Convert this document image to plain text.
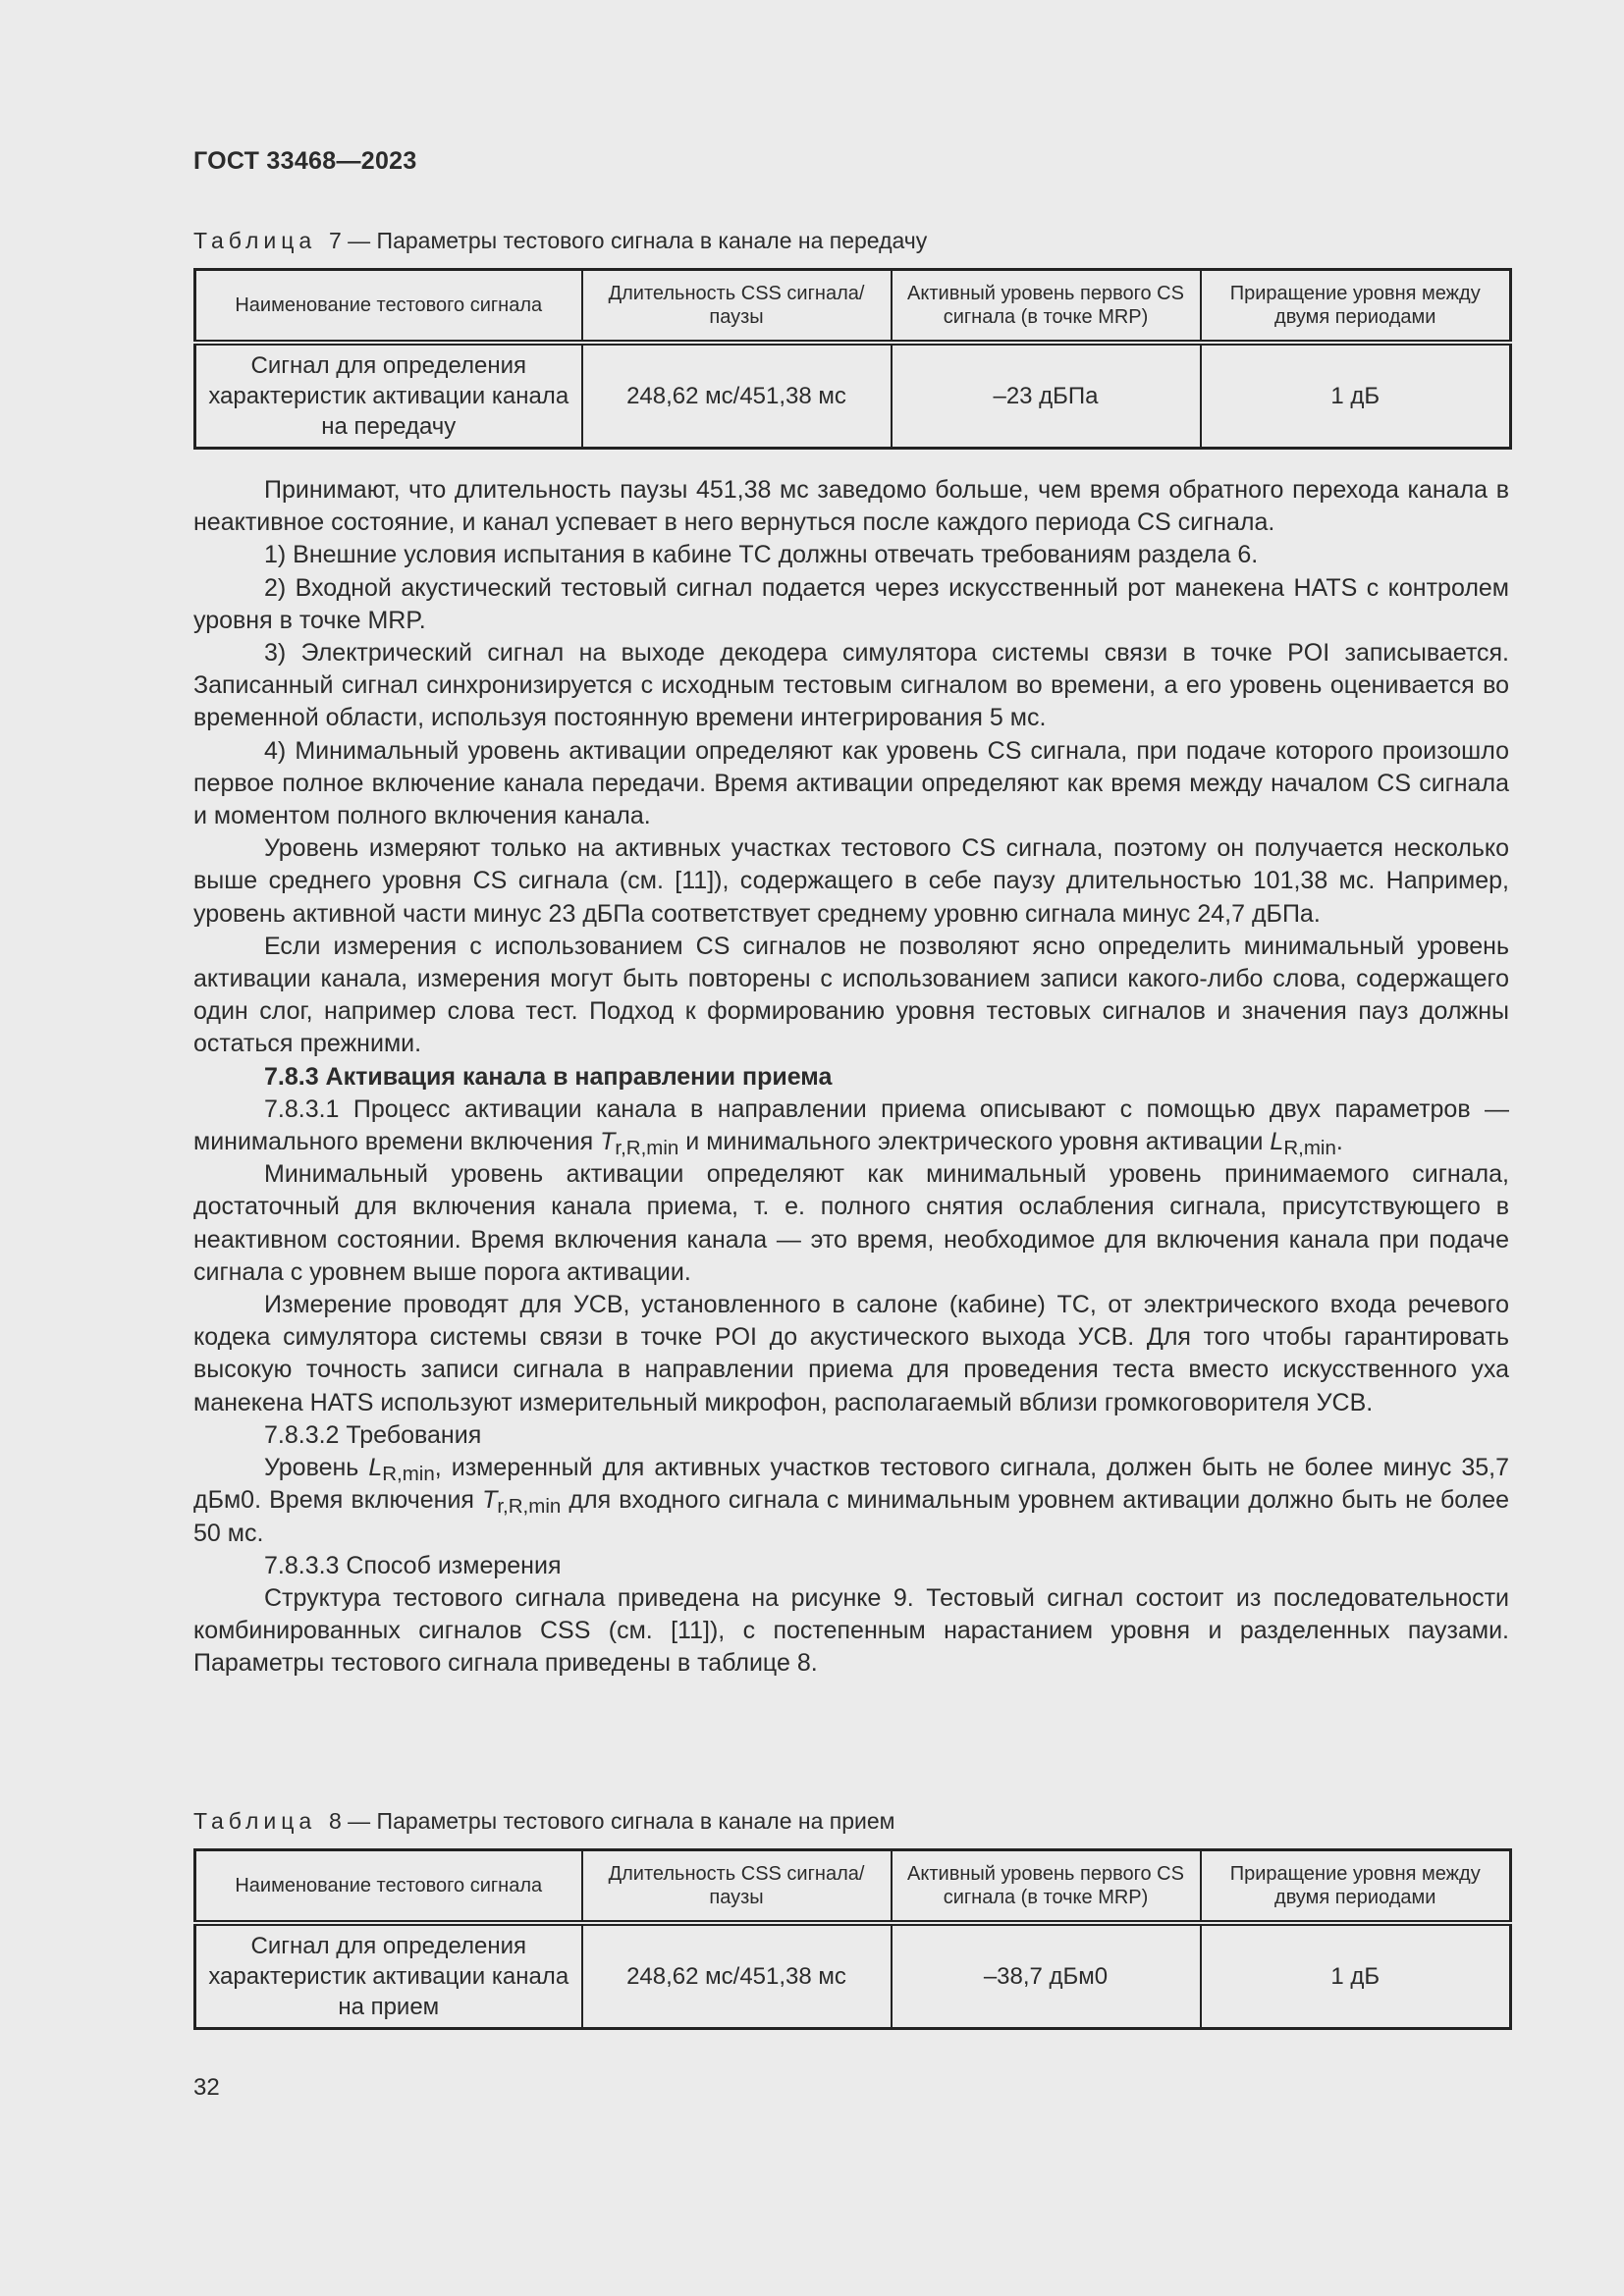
ГОСТ 33468—2023
Таблица 7 — Параметры тестового сигнала в канале на передачу
Наименование тестового сигнала	Длительность CSS сигнала/паузы	Активный уровень первого CS сигнала (в точке MRP)	Приращение уровня между двумя периодами
Сигнал для определения характеристик активации канала на передачу	248,62 мс/451,38 мс	–23 дБПа	1 дБ

Принимают, что длительность паузы 451,38 мс заведомо больше, чем время обратного перехода канала в неактивное состояние, и канал успевает в него вернуться после каждого периода CS сигнала.

1) Внешние условия испытания в кабине ТС должны отвечать требованиям раздела 6.

2) Входной акустический тестовый сигнал подается через искусственный рот манекена HATS с контролем уровня в точке MRP.

3) Электрический сигнал на выходе декодера симулятора системы связи в точке POI записывается. Записанный сигнал синхронизируется с исходным тестовым сигналом во времени, а его уровень оценивается во временной области, используя постоянную времени интегрирования 5 мс.

4) Минимальный уровень активации определяют как уровень CS сигнала, при подаче которого произошло первое полное включение канала передачи. Время активации определяют как время между началом CS сигнала и моментом полного включения канала.

Уровень измеряют только на активных участках тестового CS сигнала, поэтому он получается несколько выше среднего уровня CS сигнала (см. [11]), содержащего в себе паузу длительностью 101,38 мс. Например, уровень активной части минус 23 дБПа соответствует среднему уровню сигнала минус 24,7 дБПа.

Если измерения с использованием CS сигналов не позволяют ясно определить минимальный уровень активации канала, измерения могут быть повторены с использованием записи какого-либо слова, содержащего один слог, например слова тест. Подход к формированию уровня тестовых сигналов и значения пауз должны остаться прежними.

7.8.3 Активация канала в направлении приема

7.8.3.1 Процесс активации канала в направлении приема описывают с помощью двух параметров — минимального времени включения $T_{r,R,min}$ и минимального электрического уровня активации $L_{R,min}$.

Минимальный уровень активации определяют как минимальный уровень принимаемого сигнала, достаточный для включения канала приема, т. е. полного снятия ослабления сигнала, присутствующего в неактивном состоянии. Время включения канала — это время, необходимое для включения канала при подаче сигнала с уровнем выше порога активации.

Измерение проводят для УСВ, установленного в салоне (кабине) ТС, от электрического входа речевого кодека симулятора системы связи в точке POI до акустического выхода УСВ. Для того чтобы гарантировать высокую точность записи сигнала в направлении приема для проведения теста вместо искусственного уха манекена HATS используют измерительный микрофон, располагаемый вблизи громкоговорителя УСВ.

7.8.3.2 Требования

Уровень $L_{R,min}$, измеренный для активных участков тестового сигнала, должен быть не более минус 35,7 дБм0. Время включения $T_{r,R,min}$ для входного сигнала с минимальным уровнем активации должно быть не более 50 мс.

7.8.3.3 Способ измерения

Структура тестового сигнала приведена на рисунке 9. Тестовый сигнал состоит из последовательности комбинированных сигналов CSS (см. [11]), с постепенным нарастанием уровня и разделенных паузами. Параметры тестового сигнала приведены в таблице 8.

Таблица 8 — Параметры тестового сигнала в канале на прием
Наименование тестового сигнала	Длительность CSS сигнала/паузы	Активный уровень первого CS сигнала (в точке MRP)	Приращение уровня между двумя периодами
Сигнал для определения характеристик активации канала на прием	248,62 мс/451,38 мс	–38,7 дБм0	1 дБ
32
